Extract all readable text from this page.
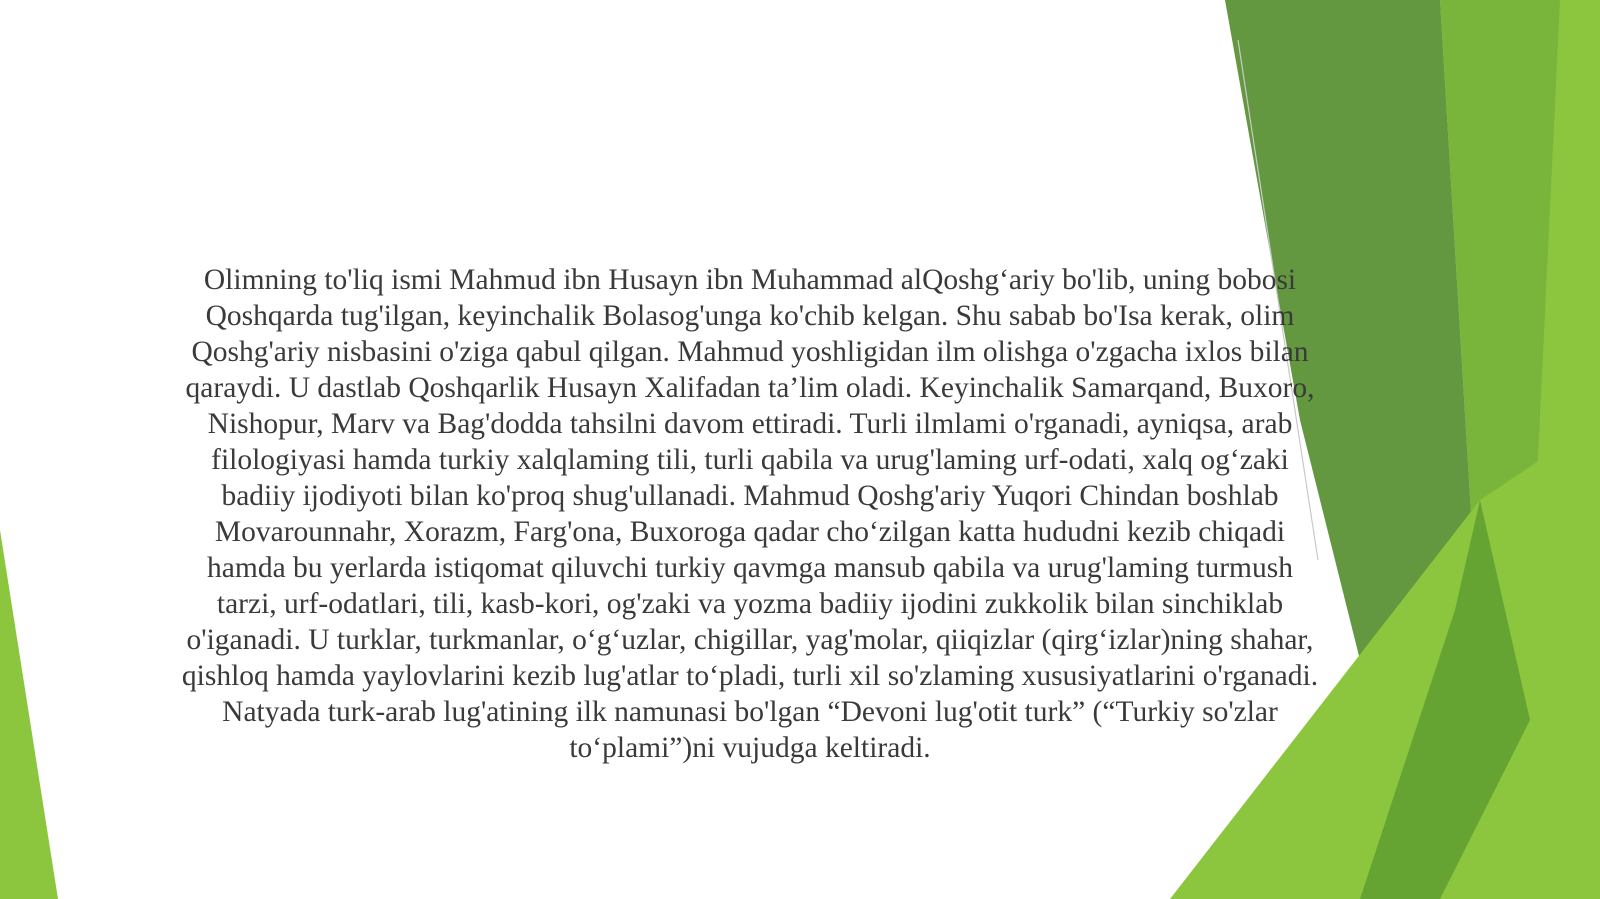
Olimning to'liq ismi Mahmud ibn Husayn ibn Muhammad alQoshg‘ariy bo'lib, uning bobosi
Qoshqarda tug'ilgan, keyinchalik Bolasog'unga ko'chib kelgan. Shu sabab bo'Isa kerak, olim
Qoshg'ariy nisbasini o'ziga qabul qilgan. Mahmud yoshligidan ilm olishga o'zgacha ixlos bilan
qaraydi. U dastlab Qoshqarlik Husayn Xalifadan ta’lim oladi. Keyinchalik Samarqand, Buxoro,
Nishopur, Marv va Bag'dodda tahsilni davom ettiradi. Turli ilmlami o'rganadi, ayniqsa, arab
filologiyasi hamda turkiy xalqlaming tili, turli qabila va urug'laming urf-odati, xalq og‘zaki
badiiy ijodiyoti bilan ko'proq shug'ullanadi. Mahmud Qoshg'ariy Yuqori Chindan boshlab
Movarounnahr, Xorazm, Farg'ona, Buxoroga qadar cho‘zilgan katta hududni kezib chiqadi
hamda bu yerlarda istiqomat qiluvchi turkiy qavmga mansub qabila va urug'laming turmush
tarzi, urf-odatlari, tili, kasb-kori, og'zaki va yozma badiiy ijodini zukkolik bilan sinchiklab
o'iganadi. U turklar, turkmanlar, o‘g‘uzlar, chigillar, yag'molar, qiiqizlar (qirg‘izlar)ning shahar,
qishloq hamda yaylovlarini kezib lug'atlar to‘pladi, turli xil so'zlaming xususiyatlarini o'rganadi.
Natyada turk-arab lug'atining ilk namunasi bo'lgan “Devoni lug'otit turk” (“Turkiy so'zlar
to‘plami”)ni vujudga keltiradi.
